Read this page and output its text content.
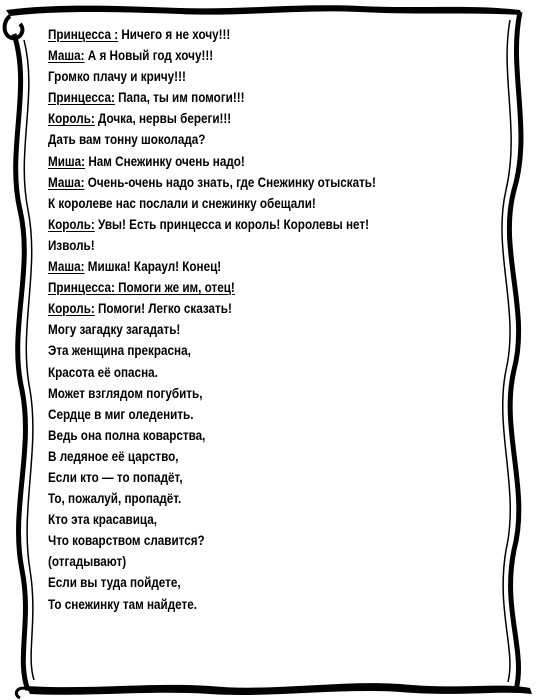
Принцесса : Ничего я не хочу!!!
Маша: А я Новый год хочу!!!
Громко плачу и кричу!!!
Принцесса: Папа, ты им помоги!!!
Король: Дочка, нервы береги!!!
Дать вам тонну шоколада?
Миша: Нам Снежинку очень надо!
Маша: Очень-очень надо знать, где Снежинку отыскать!
К королеве нас послали и снежинку обещали!
Король: Увы! Есть принцесса и король! Королевы нет!
Изволь!
Маша: Мишка! Караул! Конец!
Принцесса: Помоги же им, отец!
Король: Помоги! Легко сказать!
Могу загадку загадать!
Эта женщина прекрасна,
Красота её опасна.
Может взглядом погубить,
Сердце в миг оледенить.
Ведь она полна коварства,
В ледяное её царство,
Если кто — то попадёт,
То, пожалуй, пропадёт.
Кто эта красавица,
Что коварством славится?
(отгадывают)
Если вы туда пойдете,
То снежинку там найдете.
